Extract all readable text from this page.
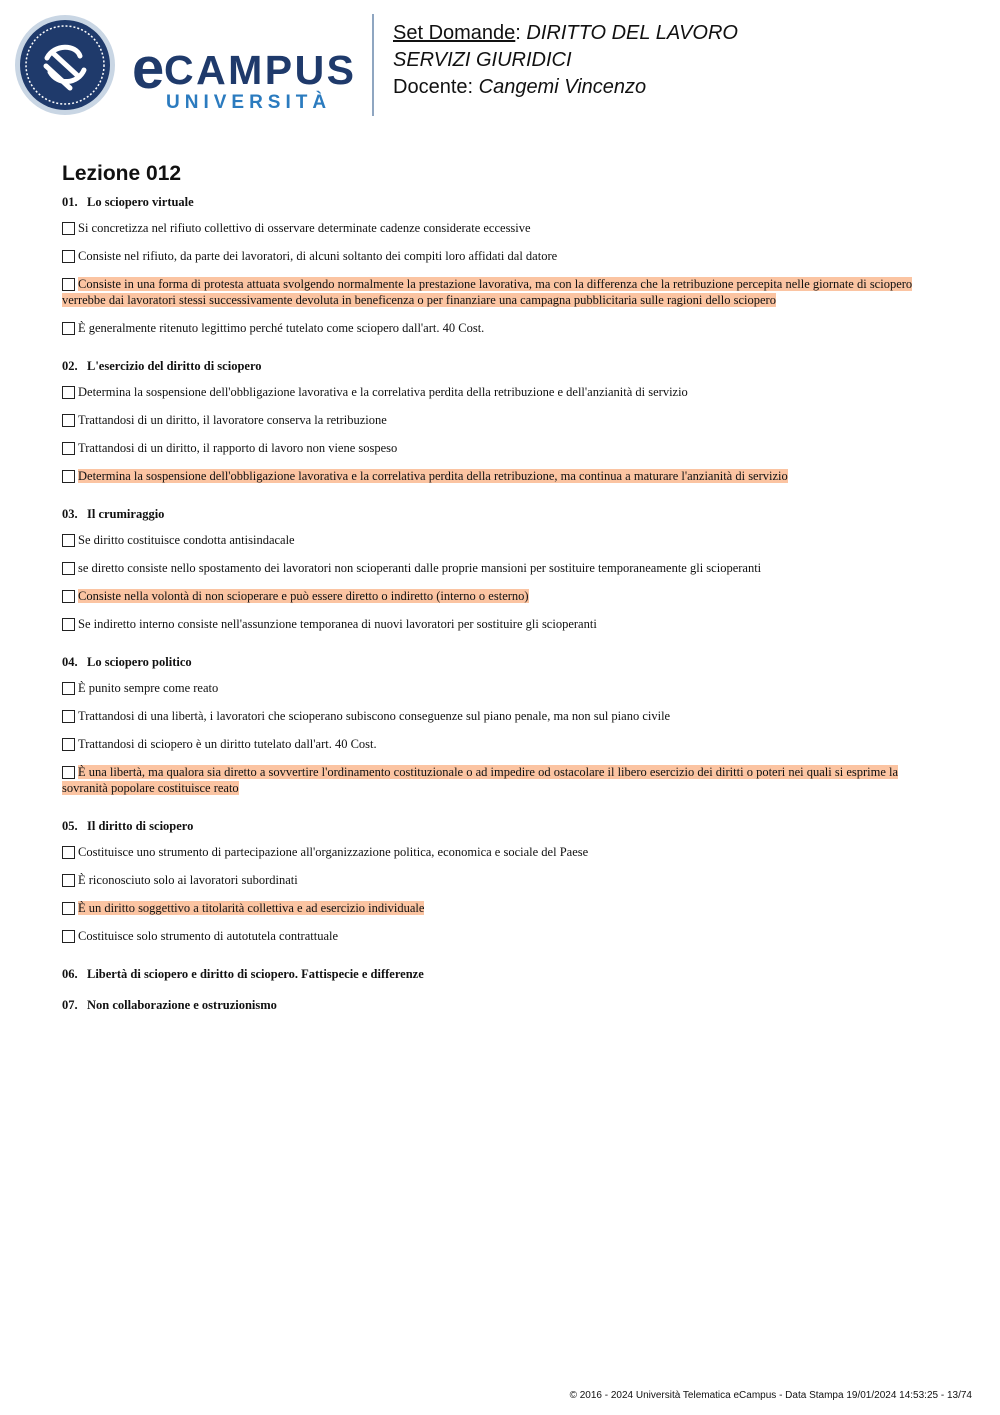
e CAMPUS
UNIVERSITÀ
Set Domande: DIRITTO DEL LAVORO
SERVIZI GIURIDICI
Docente: Cangemi Vincenzo
Lezione 012
01. Lo sciopero virtuale
Si concretizza nel rifiuto collettivo di osservare determinate cadenze considerate eccessive
Consiste nel rifiuto, da parte dei lavoratori, di alcuni soltanto dei compiti loro affidati dal datore
Consiste in una forma di protesta attuata svolgendo normalmente la prestazione lavorativa, ma con la differenza che la retribuzione percepita nelle giornate di sciopero verrebbe dai lavoratori stessi successivamente devoluta in beneficenza o per finanziare una campagna pubblicitaria sulle ragioni dello sciopero
È generalmente ritenuto legittimo perché tutelato come sciopero dall'art. 40 Cost.
02. L'esercizio del diritto di sciopero
Determina la sospensione dell'obbligazione lavorativa e la correlativa perdita della retribuzione e dell'anzianità di servizio
Trattandosi di un diritto, il lavoratore conserva la retribuzione
Trattandosi di un diritto, il rapporto di lavoro non viene sospeso
Determina la sospensione dell'obbligazione lavorativa e la correlativa perdita della retribuzione, ma continua a maturare l'anzianità di servizio
03. Il crumiraggio
Se diritto costituisce condotta antisindacale
se diretto consiste nello spostamento dei lavoratori non scioperanti dalle proprie mansioni per sostituire temporaneamente gli scioperanti
Consiste nella volontà di non scioperare e può essere diretto o indiretto (interno o esterno)
Se indiretto interno consiste nell'assunzione temporanea di nuovi lavoratori per sostituire gli scioperanti
04. Lo sciopero politico
È punito sempre come reato
Trattandosi di una libertà, i lavoratori che scioperano subiscono conseguenze sul piano penale, ma non sul piano civile
Trattandosi di sciopero è un diritto tutelato dall'art. 40 Cost.
È una libertà, ma qualora sia diretto a sovvertire l'ordinamento costituzionale o ad impedire od ostacolare il libero esercizio dei diritti o poteri nei quali si esprime la sovranità popolare costituisce reato
05. Il diritto di sciopero
Costituisce uno strumento di partecipazione all'organizzazione politica, economica e sociale del Paese
È riconosciuto solo ai lavoratori subordinati
È un diritto soggettivo a titolarità collettiva e ad esercizio individuale
Costituisce solo strumento di autotutela contrattuale
06. Libertà di sciopero e diritto di sciopero. Fattispecie e differenze
07. Non collaborazione e ostruzionismo
© 2016 - 2024 Università Telematica eCampus - Data Stampa 19/01/2024 14:53:25 - 13/74
